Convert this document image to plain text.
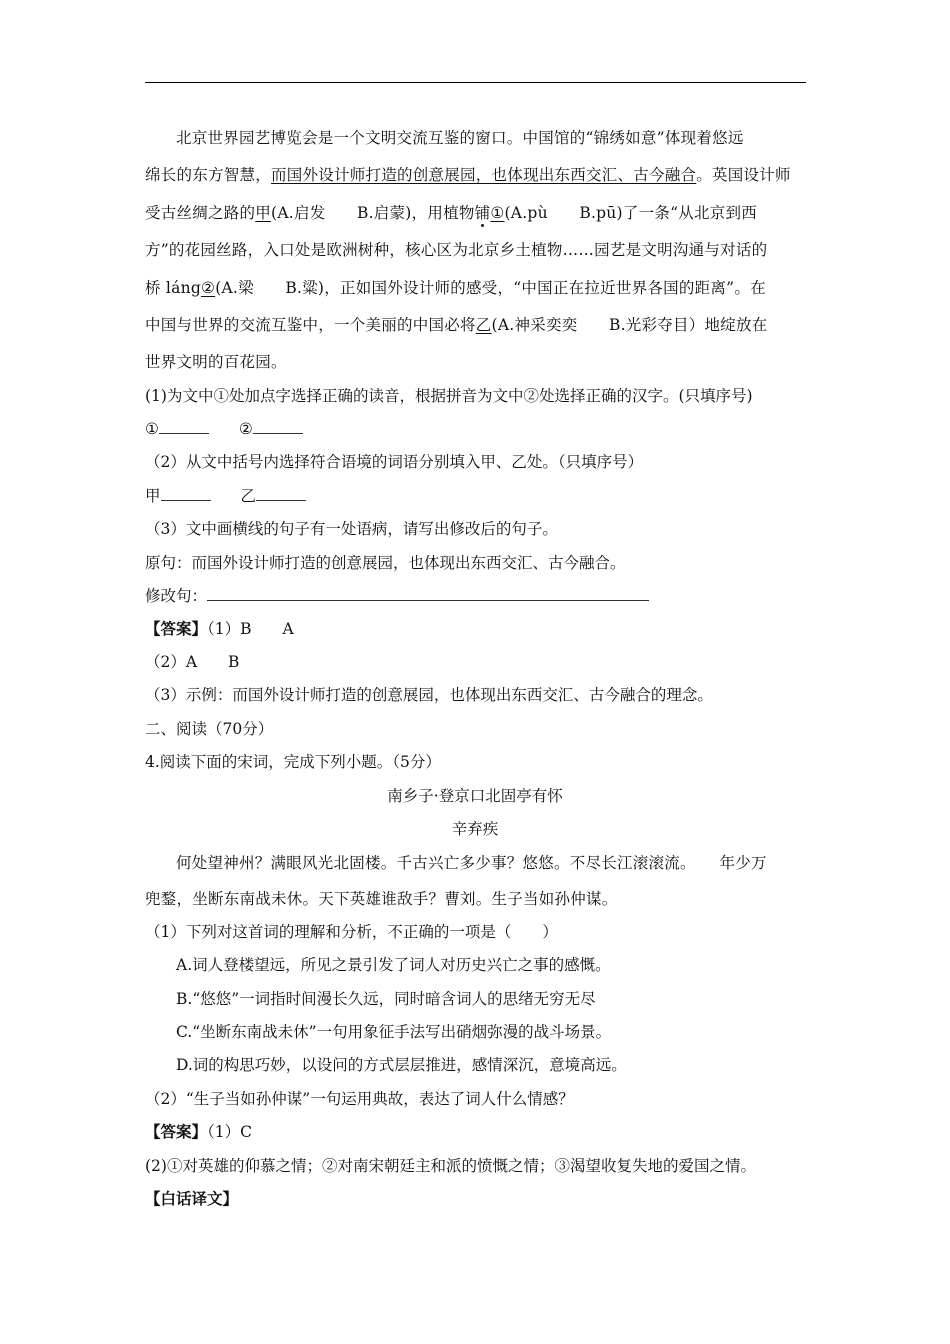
北京世界园艺博览会是一个文明交流互鉴的窗口。中国馆的“锦绣如意”体现着悠远
绵长的东方智慧，而国外设计师打造的创意展园，也体现出东西交汇、古今融合。英国设计师
受古丝绸之路的甲(A.启发　　B.启蒙)，用植物铺①(A.pù　　B.pū)了一条“从北京到西
方”的花园丝路，入口处是欧洲树种，核心区为北京乡土植物……园艺是文明沟通与对话的
桥 láng②(A.梁　　B.粱)，正如国外设计师的感受，“中国正在拉近世界各国的距离”。在
中国与世界的交流互鉴中，一个美丽的中国必将乙(A.神采奕奕　　B.光彩夺目）地绽放在
世界文明的百花园。
(1)为文中①处加点字选择正确的读音，根据拼音为文中②处选择正确的汉字。(只填序号)
①	②
（2）从文中括号内选择符合语境的词语分别填入甲、乙处。（只填序号）
甲	乙
（3）文中画横线的句子有一处语病，请写出修改后的句子。
原句：而国外设计师打造的创意展园，也体现出东西交汇、古今融合。
修改句：
【答案】（1）B　　A
（2）A　　B
（3）示例：而国外设计师打造的创意展园，也体现出东西交汇、古今融合的理念。
二、阅读（70分）
4.阅读下面的宋词，完成下列小题。（5分）
南乡子·登京口北固亭有怀
辛弃疾
何处望神州？满眼风光北固楼。千古兴亡多少事？悠悠。不尽长江滚滚流。　　年少万
兜鍪，坐断东南战未休。天下英雄谁敌手？曹刘。生子当如孙仲谋。
（1）下列对这首词的理解和分析，不正确的一项是（　　）
A.词人登楼望远，所见之景引发了词人对历史兴亡之事的感慨。
B.“悠悠”一词指时间漫长久远，同时暗含词人的思绪无穷无尽
C.“坐断东南战未休”一句用象征手法写出硝烟弥漫的战斗场景。
D.词的构思巧妙，以设问的方式层层推进，感情深沉，意境高远。
（2）“生子当如孙仲谋”一句运用典故，表达了词人什么情感？
【答案】（1）C
(2)①对英雄的仰慕之情；②对南宋朝廷主和派的愤慨之情；③渴望收复失地的爱国之情。
【白话译文】
